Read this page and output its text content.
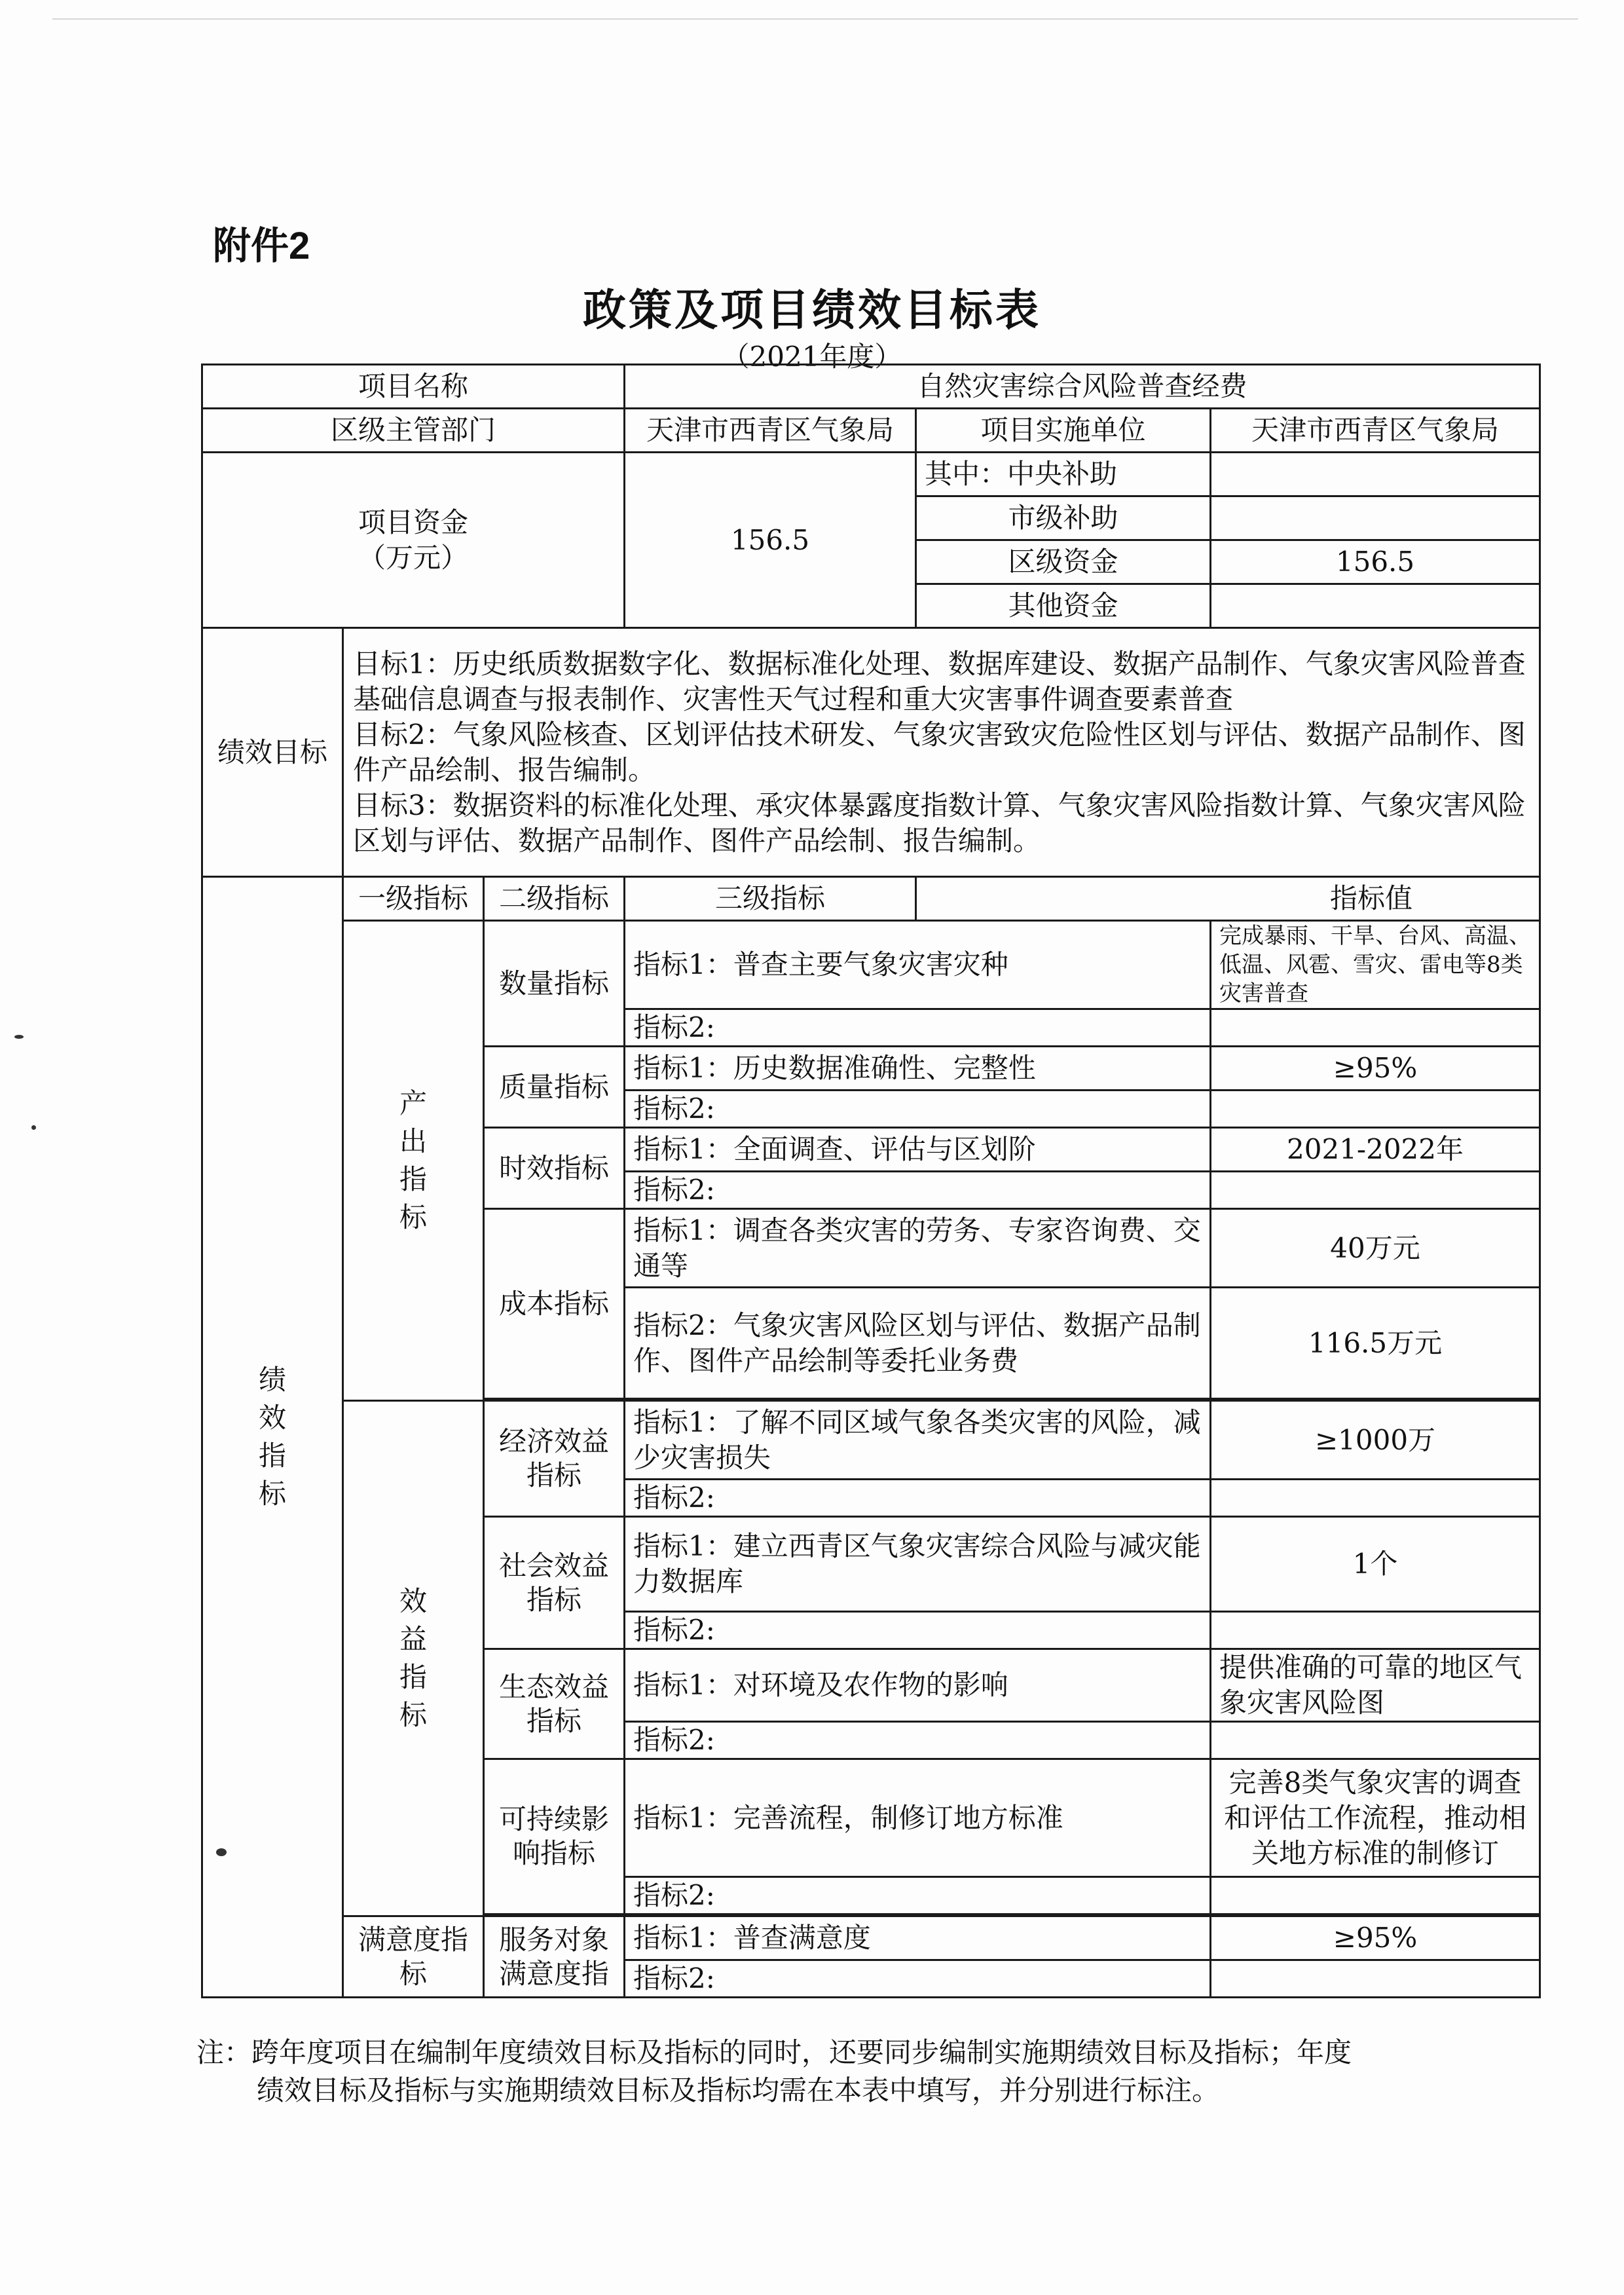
附件2
政策及项目绩效目标表
（2021年度）
项目名称			自然灾害综合风险普查经费		
区级主管部门			天津市西青区气象局	项目实施单位	天津市西青区气象局

项目资金
（万元）			156.5	其中：中央补助	
				市级补助	
				区级资金	156.5
				其他资金	
绩效目标	目标1：历史纸质数据数字化、数据标准化处理、数据库建设、数据产品制作、气象灾害风险普查基础信息调查与报表制作、灾害性天气过程和重大灾害事件调查要素普查
目标2：气象风险核查、区划评估技术研发、气象灾害致灾危险性区划与评估、数据产品制作、图件产品绘制、报告编制。
目标3：数据资料的标准化处理、承灾体暴露度指数计算、气象灾害风险指数计算、气象灾害风险区划与评估、数据产品制作、图件产品绘制、报告编制。				

绩效指标	一级指标	二级指标	三级指标	指标值	

	产出指标	数量指标	指标1：普查主要气象灾害灾种		完成暴雨、干旱、台风、高温、低温、风雹、雪灾、雷电等8类灾害普查
			指标2:		
		质量指标	指标1：历史数据准确性、完整性		≥95%
			指标2:		
		时效指标	指标1：全面调查、评估与区划阶		2021-2022年
			指标2:		
		成本指标	指标1：调查各类灾害的劳务、专家咨询费、交通等		40万元
			指标2：气象灾害风险区划与评估、数据产品制作、图件产品绘制等委托业务费		116.5万元

	效益指标	经济效益指标	指标1：了解不同区域气象各类灾害的风险，减少灾害损失		≥1000万
			指标2:		
		社会效益指标	指标1：建立西青区气象灾害综合风险与减灾能力数据库		1个
			指标2:		
		生态效益指标	指标1：对环境及农作物的影响		提供准确的可靠的地区气象灾害风险图
			指标2:		
		可持续影响指标	指标1：完善流程，制修订地方标准		完善8类气象灾害的调查和评估工作流程，推动相关地方标准的制修订
			指标2:		

	满意度指标	服务对象满意度指	指标1：普查满意度		≥95%
			指标2:		
注：跨年度项目在编制年度绩效目标及指标的同时，还要同步编制实施期绩效目标及指标；年度
绩效目标及指标与实施期绩效目标及指标均需在本表中填写，并分别进行标注。
